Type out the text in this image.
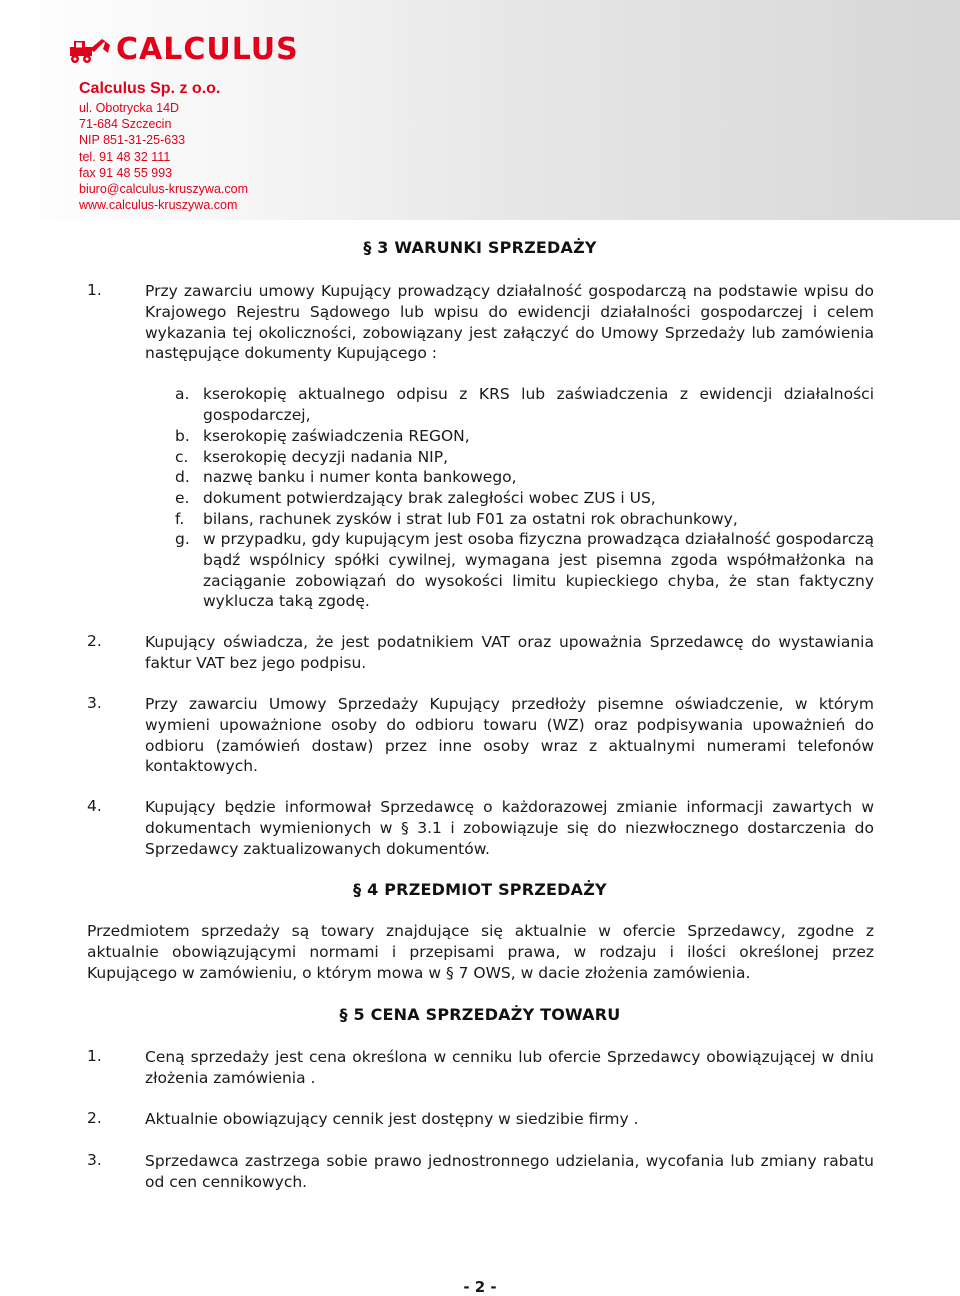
CALCULUS
Calculus Sp. z o.o.
ul. Obotrycka 14D
71-684 Szczecin
NIP 851-31-25-633
tel. 91 48 32 111
fax 91 48 55 993
biuro@calculus-kruszywa.com
www.calculus-kruszywa.com
§ 3 WARUNKI SPRZEDAŻY
1.	Przy zawarciu umowy Kupujący prowadzący działalność gospodarczą na podstawie wpisu do Krajowego Rejestru Sądowego lub wpisu do ewidencji działalności gospodarczej i celem wykazania tej okoliczności, zobowiązany jest załączyć do Umowy Sprzedaży lub zamówienia następujące dokumenty Kupującego :
a. kserokopię aktualnego odpisu z KRS lub zaświadczenia z ewidencji działalności gospodarczej,
b. kserokopię zaświadczenia REGON,
c. kserokopię decyzji nadania NIP,
d. nazwę banku i numer konta bankowego,
e. dokument potwierdzający brak zaległości wobec ZUS i US,
f.	bilans, rachunek zysków i strat lub F01 za ostatni rok obrachunkowy,
g. w przypadku, gdy kupującym jest osoba fizyczna prowadząca działalność gospodarczą bądź wspólnicy spółki cywilnej, wymagana jest pisemna zgoda współmałżonka na zaciąganie zobowiązań do wysokości limitu kupieckiego chyba, że stan faktyczny wyklucza taką zgodę.
2.	Kupujący oświadcza, że jest podatnikiem VAT oraz upoważnia Sprzedawcę do wystawiania faktur VAT bez jego podpisu.
3.	Przy zawarciu Umowy Sprzedaży Kupujący przedłoży pisemne oświadczenie, w którym wymieni upoważnione osoby do odbioru towaru (WZ) oraz podpisywania upoważnień do odbioru (zamówień dostaw) przez inne osoby wraz z aktualnymi numerami telefonów kontaktowych.
4.	Kupujący będzie informował Sprzedawcę o każdorazowej zmianie informacji zawartych w dokumentach wymienionych w § 3.1 i zobowiązuje się do niezwłocznego dostarczenia do Sprzedawcy zaktualizowanych dokumentów.
§ 4 PRZEDMIOT SPRZEDAŻY
Przedmiotem sprzedaży są towary znajdujące się aktualnie w ofercie Sprzedawcy, zgodne z aktualnie obowiązującymi normami i przepisami prawa, w rodzaju i ilości określonej przez Kupującego w zamówieniu, o którym mowa w § 7 OWS, w dacie złożenia zamówienia.
§ 5 CENA SPRZEDAŻY TOWARU
1.	Ceną sprzedaży jest cena określona w cenniku lub ofercie Sprzedawcy obowiązującej w dniu złożenia zamówienia .
2.	Aktualnie obowiązujący cennik jest dostępny w siedzibie firmy .
3.	Sprzedawca zastrzega sobie prawo jednostronnego udzielania, wycofania lub zmiany rabatu od cen cennikowych.
- 2 -
